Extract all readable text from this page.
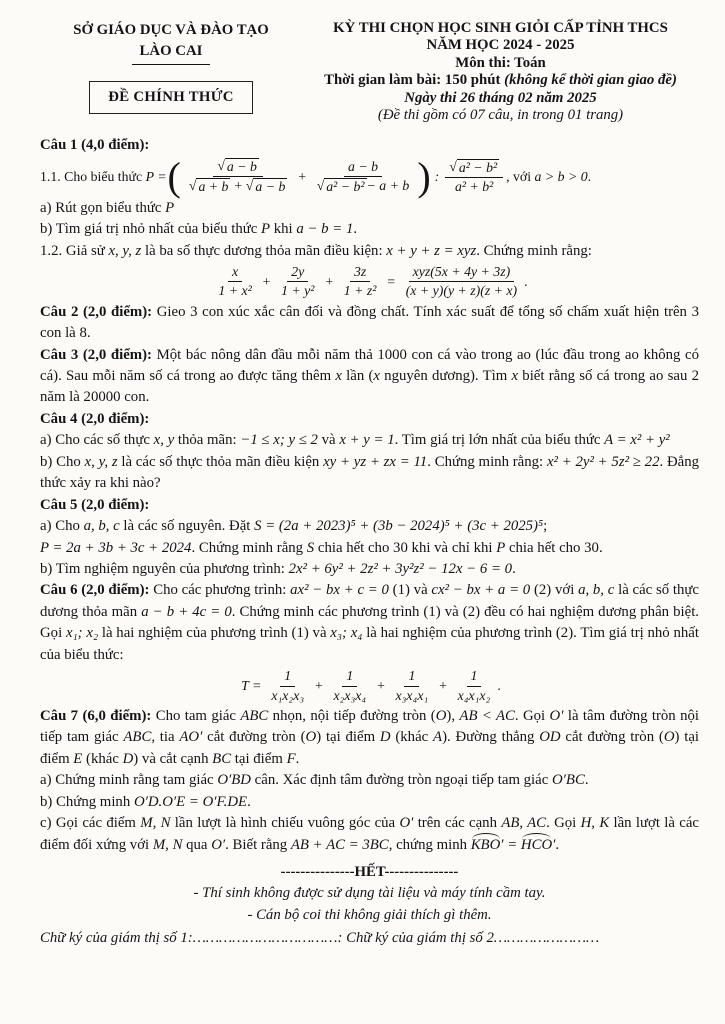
SỞ GIÁO DỤC VÀ ĐÀO TẠO
LÀO CAI
ĐỀ CHÍNH THỨC
KỲ THI CHỌN HỌC SINH GIỎI CẤP TỈNH THCS
NĂM HỌC 2024 - 2025
Môn thi: Toán
Thời gian làm bài: 150 phút (không kể thời gian giao đề)
Ngày thi 26 tháng 02 năm 2025
(Đề thi gồm có 07 câu, in trong 01 trang)

Câu 1 (4,0 điểm):

1.1. Cho biểu thức P = ( $\frac{√ a - b}{√ a + b + √ a - b} + \frac{a - b}{\text{√ a² − b² − a + b}}$ ) : $\frac{\text{√ a² − b²}}{\text{a² + b²}}$ , với a > b > 0.

a) Rút gọn biểu thức P

b) Tìm giá trị nhỏ nhất của biểu thức P khi a − b = 1.

1.2. Giả sử x, y, z là ba số thực dương thỏa mãn điều kiện: x + y + z = xyz. Chứng minh rằng:

$\frac{x}{\text{1 + x²}} + \frac{2y}{\text{1 + y²}} + \frac{3z}{\text{1 + z²}} = \frac{\text{xyz(5x + 4y + 3z)}}{(x + y)(y + z)(z + x)}$ .

Câu 2 (2,0 điểm): Gieo 3 con xúc xắc cân đối và đồng chất. Tính xác suất để tổng số chấm xuất hiện trên 3 con là 8.

Câu 3 (2,0 điểm): Một bác nông dân đầu mỗi năm thả 1000 con cá vào trong ao (lúc đầu trong ao không có cá). Sau mỗi năm số cá trong ao được tăng thêm x lần (x nguyên dương). Tìm x biết rằng số cá trong ao sau 2 năm là 20000 con.

Câu 4 (2,0 điểm):

a) Cho các số thực x, y thỏa mãn: −1 ≤ x; y ≤ 2 và x + y = 1. Tìm giá trị lớn nhất của biểu thức A = x² + y²

b) Cho x, y, z là các số thực thỏa mãn điều kiện xy + yz + zx = 11. Chứng minh rằng: x² + 2y² + 5z² ≥ 22. Đẳng thức xảy ra khi nào?

Câu 5 (2,0 điểm):

a) Cho a, b, c là các số nguyên. Đặt S = (2a + 2023)⁵ + (3b − 2024)⁵ + (3c + 2025)⁵;

P = 2a + 3b + 3c + 2024. Chứng minh rằng S chia hết cho 30 khi và chỉ khi P chia hết cho 30.

b) Tìm nghiệm nguyên của phương trình: 2x² + 6y² + 2z² + 3y²z² − 12x − 6 = 0.

Câu 6 (2,0 điểm): Cho các phương trình: ax² − bx + c = 0 (1) và cx² − bx + a = 0 (2) với a, b, c là các số thực dương thỏa mãn a − b + 4c = 0. Chứng minh các phương trình (1) và (2) đều có hai nghiệm dương phân biệt. Gọi x₁; x₂ là hai nghiệm của phương trình (1) và x₃; x₄ là hai nghiệm của phương trình (2). Tìm giá trị nhỏ nhất của biểu thức:

$T = \frac{1}{\text{x₁x₂x₃}} + \frac{1}{\text{x₂x₃x₄}} + \frac{1}{\text{x₃x₄x₁}} + \frac{1}{\text{x₄x₁x₂}}$ .

Câu 7 (6,0 điểm): Cho tam giác ABC nhọn, nội tiếp đường tròn (O), AB < AC. Gọi O′ là tâm đường tròn nội tiếp tam giác ABC, tia AO′ cắt đường tròn (O) tại điểm D (khác A). Đường thẳng OD cắt đường tròn (O) tại điểm E (khác D) và cắt cạnh BC tại điểm F.

a) Chứng minh rằng tam giác O′BD cân. Xác định tâm đường tròn ngoại tiếp tam giác O′BC.

b) Chứng minh O′D.O′E = O′F.DE.

c) Gọi các điểm M, N lần lượt là hình chiếu vuông góc của O′ trên các cạnh AB, AC. Gọi H, K lần lượt là các điểm đối xứng với M, N qua O′. Biết rằng AB + AC = 3BC, chứng minh KBO′ = HCO′.

---------------HẾT---------------

- Thí sinh không được sử dụng tài liệu và máy tính cầm tay.

- Cán bộ coi thi không giải thích gì thêm.

Chữ ký của giám thị số 1:……………………………: Chữ ký của giám thị số 2……………………
